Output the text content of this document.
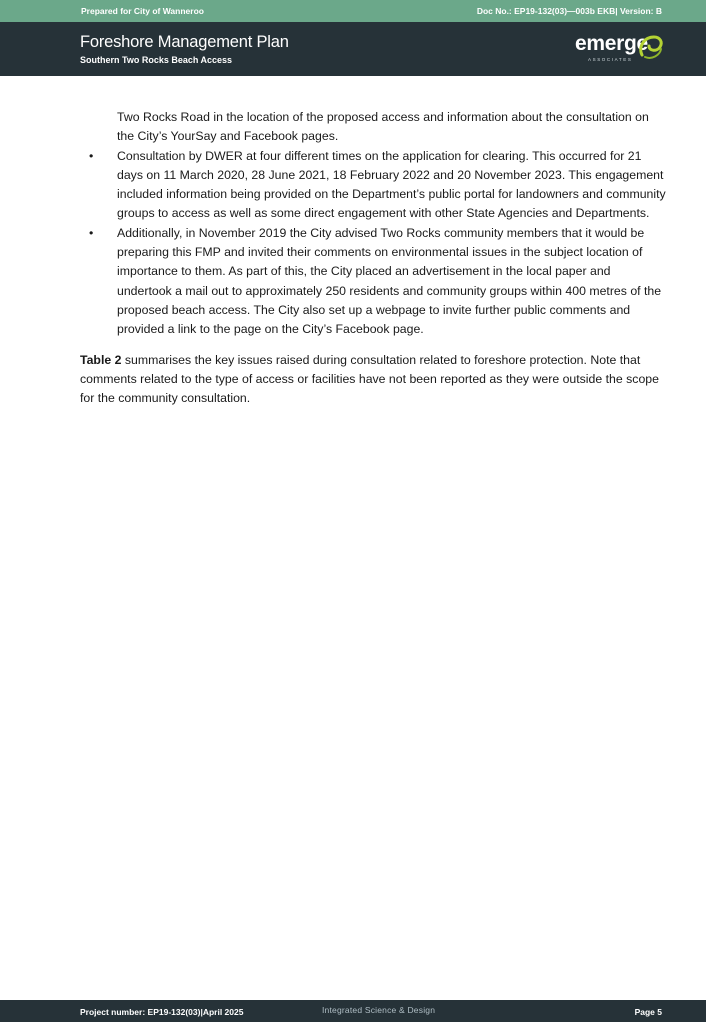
Prepared for City of Wanneroo	Doc No.: EP19-132(03)—003b EKB| Version: B
Foreshore Management Plan
Southern Two Rocks Beach Access
emerge
ASSOCIATES
Two Rocks Road in the location of the proposed access and information about the consultation on the City’s YourSay and Facebook pages.
• Consultation by DWER at four different times on the application for clearing. This occurred for 21 days on 11 March 2020, 28 June 2021, 18 February 2022 and 20 November 2023. This engagement included information being provided on the Department’s public portal for landowners and community groups to access as well as some direct engagement with other State Agencies and Departments.
• Additionally, in November 2019 the City advised Two Rocks community members that it would be preparing this FMP and invited their comments on environmental issues in the subject location of importance to them. As part of this, the City placed an advertisement in the local paper and undertook a mail out to approximately 250 residents and community groups within 400 metres of the proposed beach access. The City also set up a webpage to invite further public comments and provided a link to the page on the City’s Facebook page.

Table 2 summarises the key issues raised during consultation related to foreshore protection. Note that comments related to the type of access or facilities have not been reported as they were outside the scope for the community consultation.

Project number: EP19-132(03)|April 2025	Integrated Science & Design	Page 5
